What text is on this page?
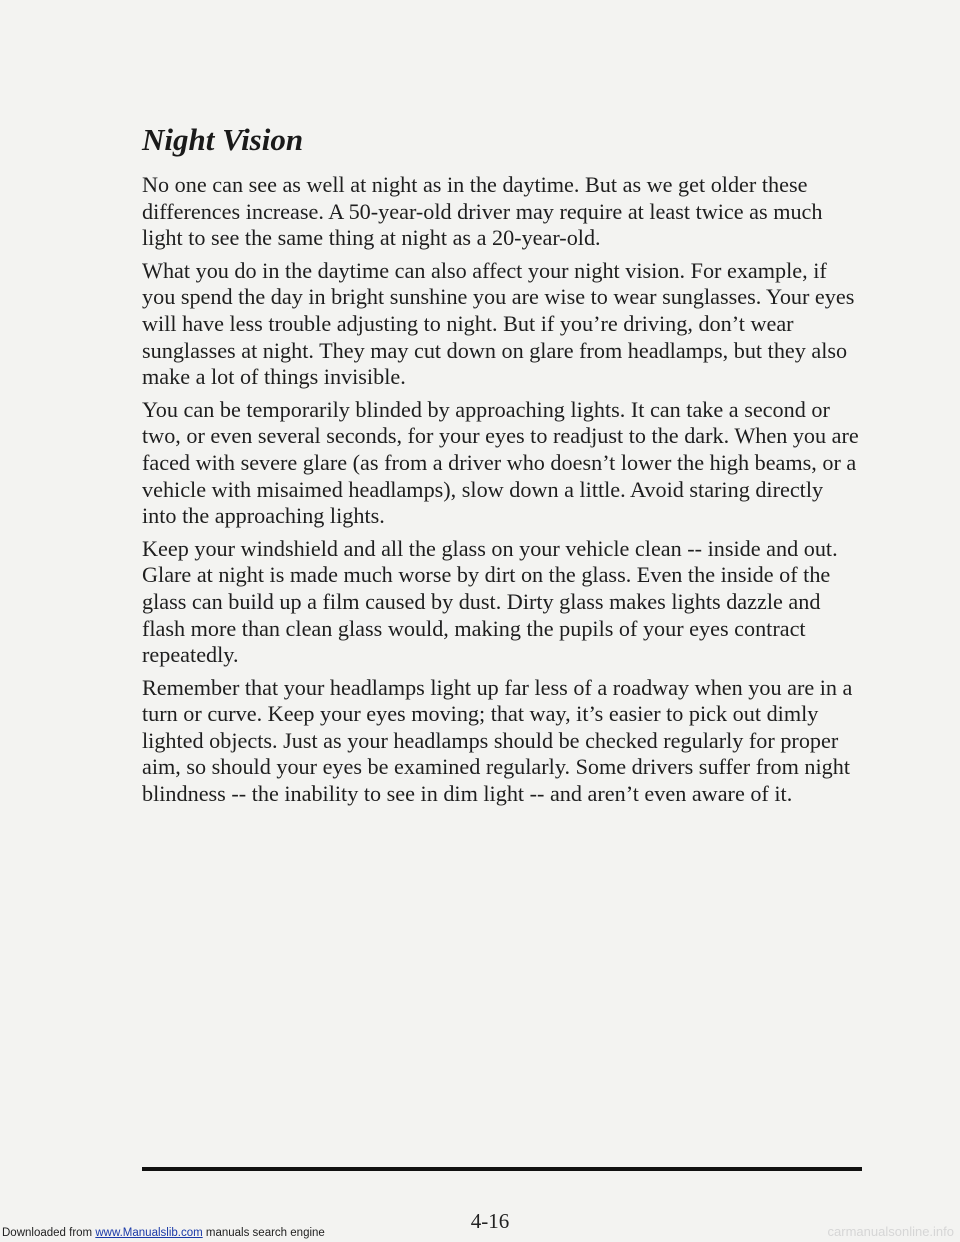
Night Vision

No one can see as well at night as in the daytime. But as we get older these differences increase. A 50-year-old driver may require at least twice as much light to see the same thing at night as a 20-year-old.

What you do in the daytime can also affect your night vision. For example, if you spend the day in bright sunshine you are wise to wear sunglasses. Your eyes will have less trouble adjusting to night. But if you’re driving, don’t wear sunglasses at night. They may cut down on glare from headlamps, but they also make a lot of things invisible.

You can be temporarily blinded by approaching lights. It can take a second or two, or even several seconds, for your eyes to readjust to the dark. When you are faced with severe glare (as from a driver who doesn’t lower the high beams, or a vehicle with misaimed headlamps), slow down a little. Avoid staring directly into the approaching lights.

Keep your windshield and all the glass on your vehicle clean -- inside and out. Glare at night is made much worse by dirt on the glass. Even the inside of the glass can build up a film caused by dust. Dirty glass makes lights dazzle and flash more than clean glass would, making the pupils of your eyes contract repeatedly.

Remember that your headlamps light up far less of a roadway when you are in a turn or curve. Keep your eyes moving; that way, it’s easier to pick out dimly lighted objects. Just as your headlamps should be checked regularly for proper aim, so should your eyes be examined regularly. Some drivers suffer from night blindness -- the inability to see in dim light -- and aren’t even aware of it.

4-16
Downloaded from www.Manualslib.com manuals search engine	carmanualsonline.info
